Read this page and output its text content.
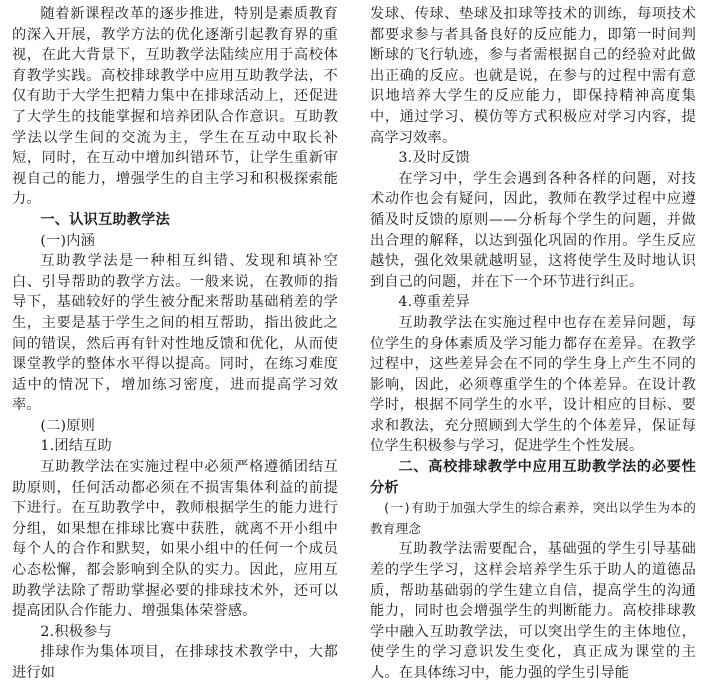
随着新课程改革的逐步推进，特别是素质教育的深入开展，教学方法的优化逐渐引起教育界的重视，在此大背景下，互助教学法陆续应用于高校体育教学实践。高校排球教学中应用互助教学法，不仅有助于大学生把精力集中在排球活动上，还促进了大学生的技能掌握和培养团队合作意识。互助教学法以学生间的交流为主，学生在互动中取长补短，同时，在互动中增加纠错环节，让学生重新审视自己的能力，增强学生的自主学习和积极探索能力。

一、认识互助教学法
(一)内涵

互助教学法是一种相互纠错、发现和填补空白、引导帮助的教学方法。一般来说，在教师的指导下，基础较好的学生被分配来帮助基础稍差的学生，主要是基于学生之间的相互帮助，指出彼此之间的错误，然后再有针对性地反馈和优化，从而使课堂教学的整体水平得以提高。同时，在练习难度适中的情况下，增加练习密度，进而提高学习效率。

(二)原则
1.团结互助

互助教学法在实施过程中必须严格遵循团结互助原则，任何活动都必须在不损害集体利益的前提下进行。在互助教学中，教师根据学生的能力进行分组，如果想在排球比赛中获胜，就离不开小组中每个人的合作和默契，如果小组中的任何一个成员心态松懈，都会影响到全队的实力。因此，应用互助教学法除了帮助掌握必要的排球技术外，还可以提高团队合作能力、增强集体荣誉感。

2.积极参与

排球作为集体项目，在排球技术教学中，大都进行如

发球、传球、垫球及扣球等技术的训练，每项技术都要求参与者具备良好的反应能力，即第一时间判断球的飞行轨迹，参与者需根据自己的经验对此做出正确的反应。也就是说，在参与的过程中需有意识地培养大学生的反应能力，即保持精神高度集中，通过学习、模仿等方式积极应对学习内容，提高学习效率。

3.及时反馈

在学习中，学生会遇到各种各样的问题，对技术动作也会有疑问，因此，教师在教学过程中应遵循及时反馈的原则——分析每个学生的问题，并做出合理的解释，以达到强化巩固的作用。学生反应越快，强化效果就越明显，这将使学生及时地认识到自己的问题，并在下一个环节进行纠正。

4.尊重差异

互助教学法在实施过程中也存在差异问题，每位学生的身体素质及学习能力都存在差异。在教学过程中，这些差异会在不同的学生身上产生不同的影响，因此，必须尊重学生的个体差异。在设计教学时，根据不同学生的水平，设计相应的目标、要求和教法，充分照顾到大学生的个体差异，保证每位学生积极参与学习，促进学生个性发展。

二、高校排球教学中应用互助教学法的必要性分析
(一)有助于加强大学生的综合素养，突出以学生为本的教育理念

互助教学法需要配合，基础强的学生引导基础差的学生学习，这样会培养学生乐于助人的道德品质，帮助基础弱的学生建立自信，提高学生的沟通能力，同时也会增强学生的判断能力。高校排球教学中融入互助教学法，可以突出学生的主体地位，使学生的学习意识发生变化，真正成为课堂的主人。在具体练习中，能力强的学生引导能
